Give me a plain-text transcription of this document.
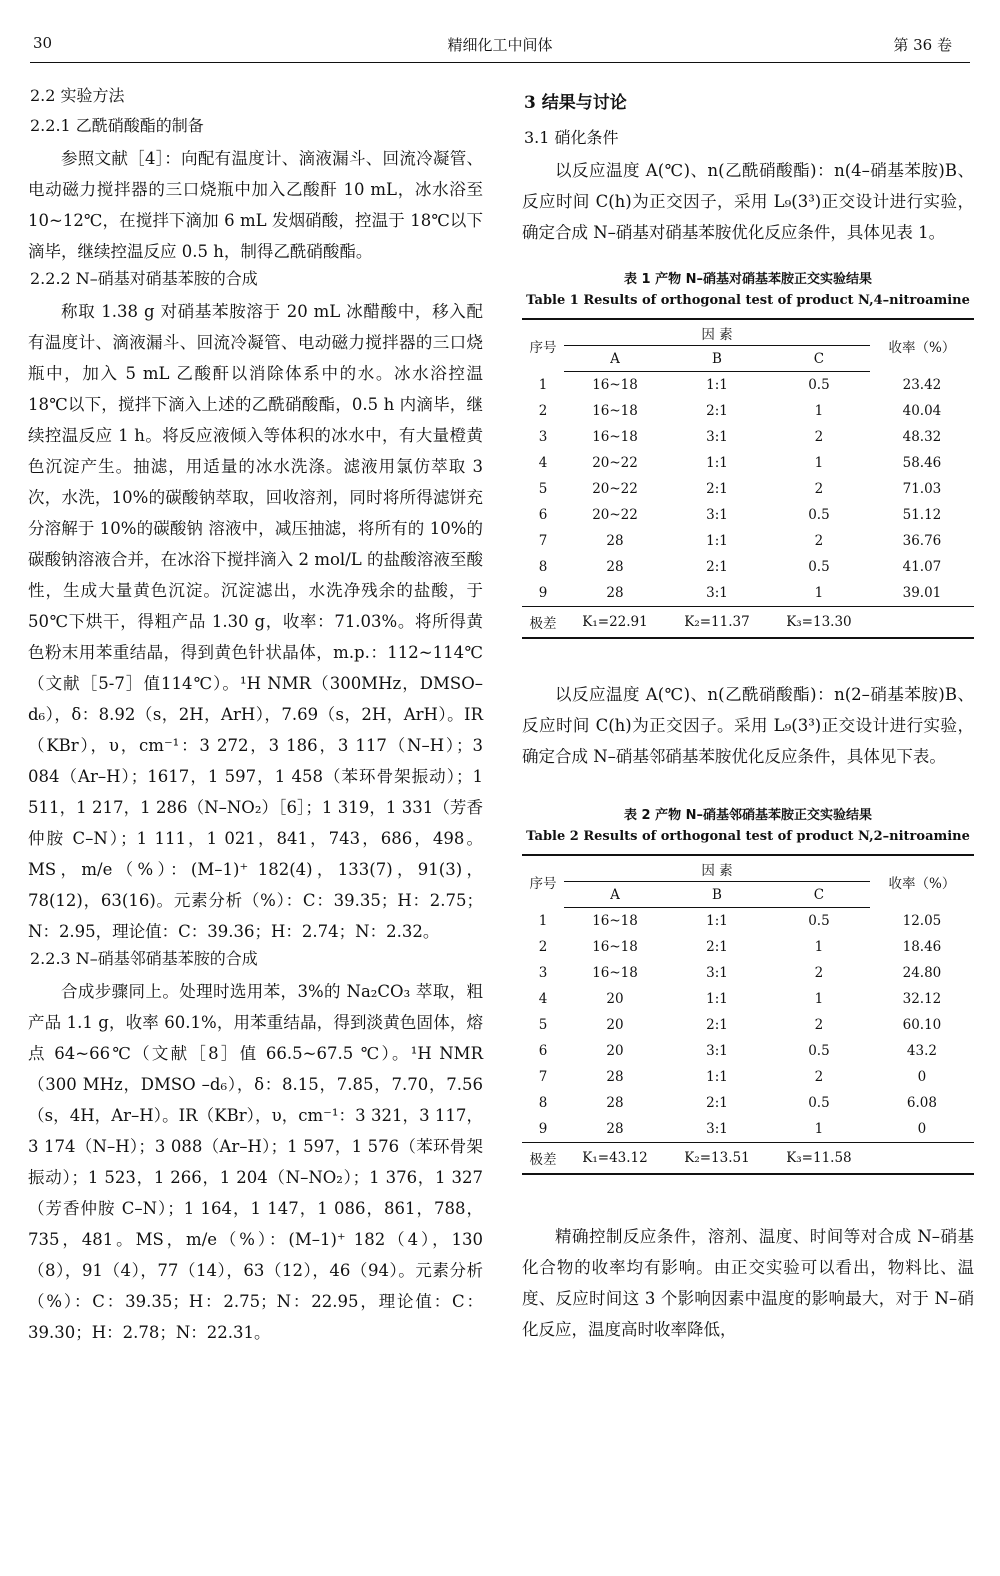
30	精细化工中间体	第 36 卷
2.2 实验方法
2.2.1 乙酰硝酸酯的制备

参照文献［4］：向配有温度计、滴液漏斗、回流冷凝管、电动磁力搅拌器的三口烧瓶中加入乙酸酐 10 mL，冰水浴至 10~12℃，在搅拌下滴加 6 mL 发烟硝酸，控温于 18℃以下滴毕，继续控温反应 0.5 h，制得乙酰硝酸酯。

2.2.2 N–硝基对硝基苯胺的合成

称取 1.38 g 对硝基苯胺溶于 20 mL 冰醋酸中，移入配有温度计、滴液漏斗、回流冷凝管、电动磁力搅拌器的三口烧瓶中，加入 5 mL 乙酸酐以消除体系中的水。冰水浴控温 18℃以下，搅拌下滴入上述的乙酰硝酸酯，0.5 h 内滴毕，继续控温反应 1 h。将反应液倾入等体积的冰水中，有大量橙黄色沉淀产生。抽滤，用适量的冰水洗涤。滤液用氯仿萃取 3 次，水洗，10%的碳酸钠萃取，回收溶剂，同时将所得滤饼充分溶解于 10%的碳酸钠 溶液中，减压抽滤，将所有的 10%的碳酸钠溶液合并，在冰浴下搅拌滴入 2 mol/L 的盐酸溶液至酸性，生成大量黄色沉淀。沉淀滤出，水洗净残余的盐酸，于 50℃下烘干，得粗产品 1.30 g，收率：71.03%。将所得黄色粉末用苯重结晶，得到黄色针状晶体，m.p.：112~114℃（文献［5-7］值114℃）。¹H NMR（300MHz，DMSO–d₆），δ：8.92（s，2H，ArH），7.69（s，2H，ArH）。IR（KBr），υ，cm⁻¹：3 272，3 186，3 117（N–H）；3 084（Ar–H）；1617，1 597，1 458（苯环骨架振动）；1 511，1 217，1 286（N–NO₂）［6］；1 319，1 331（芳香仲胺 C–N）；1 111，1 021，841，743，686，498。MS，m/e（%）：(M–1)⁺ 182(4)，133(7)，91(3)，78(12)，63(16)。元素分析（%）：C：39.35；H：2.75；N：2.95，理论值：C：39.36；H：2.74；N：2.32。

2.2.3 N–硝基邻硝基苯胺的合成

合成步骤同上。处理时选用苯，3%的 Na₂CO₃ 萃取，粗产品 1.1 g，收率 60.1%，用苯重结晶，得到淡黄色固体，熔点 64~66℃（文献［8］值 66.5~67.5 ℃）。¹H NMR（300 MHz，DMSO –d₆），δ：8.15，7.85，7.70，7.56（s，4H，Ar–H）。IR（KBr），υ，cm⁻¹：3 321，3 117，3 174（N–H）；3 088（Ar–H）；1 597，1 576（苯环骨架振动）；1 523，1 266，1 204（N–NO₂）；1 376，1 327（芳香仲胺 C–N）；1 164，1 147，1 086，861，788，735，481。MS，m/e（%）：(M–1)⁺ 182（4），130（8），91（4），77（14），63（12），46（94）。元素分析（%）：C：39.35；H：2.75；N：22.95，理论值：C：39.30；H：2.78；N：22.31。

3 结果与讨论
3.1 硝化条件

以反应温度 A(℃)、n(乙酰硝酸酯)：n(4–硝基苯胺)B、反应时间 C(h)为正交因子，采用 L₉(3³)正交设计进行实验，确定合成 N–硝基对硝基苯胺优化反应条件，具体见表 1。

表 1 产物 N–硝基对硝基苯胺正交实验结果
Table 1 Results of orthogonal test of product N,4–nitroamine
序号	因 素			收率（%）
	A	B	C	
1	16~18	1:1	0.5	23.42
2	16~18	2:1	1	40.04
3	16~18	3:1	2	48.32
4	20~22	1:1	1	58.46
5	20~22	2:1	2	71.03
6	20~22	3:1	0.5	51.12
7	28	1:1	2	36.76
8	28	2:1	0.5	41.07
9	28	3:1	1	39.01
极差	K₁=22.91	K₂=11.37	K₃=13.30	

以反应温度 A(℃)、n(乙酰硝酸酯)：n(2–硝基苯胺)B、反应时间 C(h)为正交因子。采用 L₉(3³)正交设计进行实验，确定合成 N–硝基邻硝基苯胺优化反应条件，具体见下表。

表 2 产物 N–硝基邻硝基苯胺正交实验结果
Table 2 Results of orthogonal test of product N,2–nitroamine
序号	因 素			收率（%）
	A	B	C	
1	16~18	1:1	0.5	12.05
2	16~18	2:1	1	18.46
3	16~18	3:1	2	24.80
4	20	1:1	1	32.12
5	20	2:1	2	60.10
6	20	3:1	0.5	43.2
7	28	1:1	2	0
8	28	2:1	0.5	6.08
9	28	3:1	1	0
极差	K₁=43.12	K₂=13.51	K₃=11.58	

精确控制反应条件，溶剂、温度、时间等对合成 N–硝基化合物的收率均有影响。由正交实验可以看出，物料比、温度、反应时间这 3 个影响因素中温度的影响最大，对于 N–硝化反应，温度高时收率降低，
